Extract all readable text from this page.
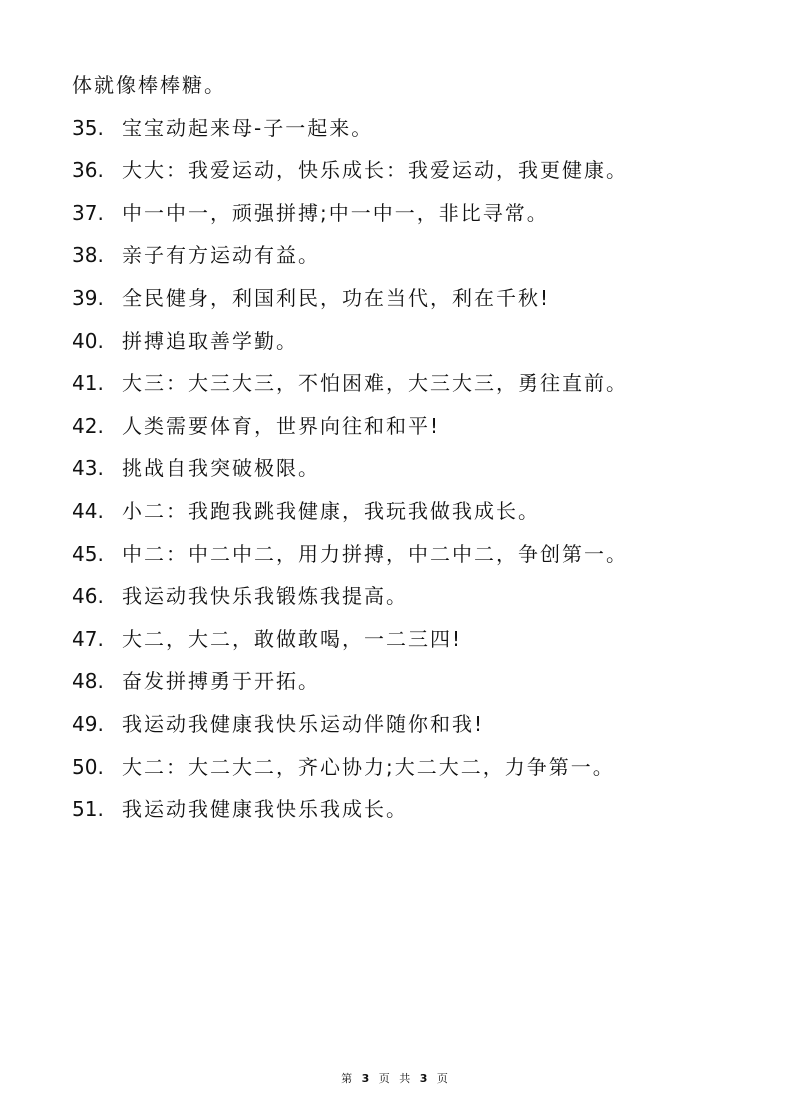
体就像棒棒糖。
35. 宝宝动起来母-子一起来。
36. 大大：我爱运动，快乐成长：我爱运动，我更健康。
37. 中一中一，顽强拼搏;中一中一，非比寻常。
38. 亲子有方运动有益。
39. 全民健身，利国利民，功在当代，利在千秋!
40. 拼搏追取善学勤。
41. 大三：大三大三，不怕困难，大三大三，勇往直前。
42. 人类需要体育，世界向往和和平!
43. 挑战自我突破极限。
44. 小二：我跑我跳我健康，我玩我做我成长。
45. 中二：中二中二，用力拼搏，中二中二，争创第一。
46. 我运动我快乐我锻炼我提高。
47. 大二，大二，敢做敢喝，一二三四!
48. 奋发拼搏勇于开拓。
49. 我运动我健康我快乐运动伴随你和我!
50. 大二：大二大二，齐心协力;大二大二，力争第一。
51. 我运动我健康我快乐我成长。
第 3 页 共 3 页
